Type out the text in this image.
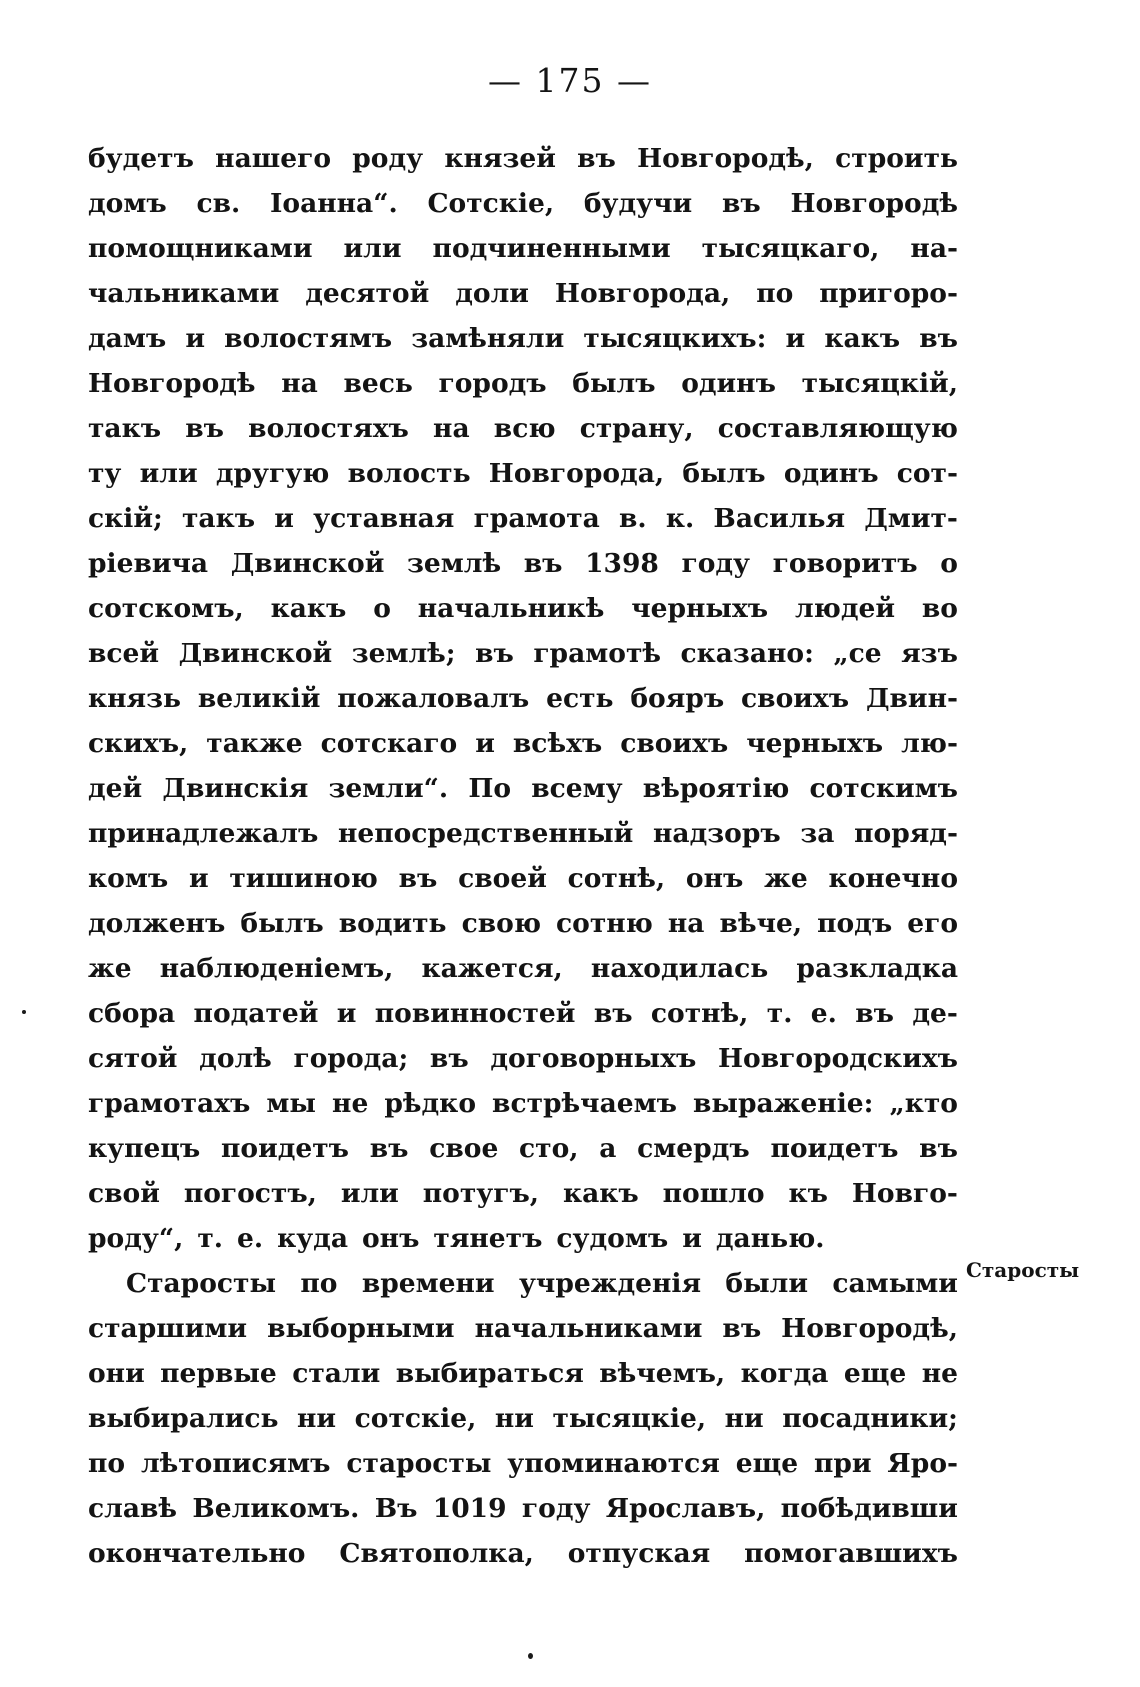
— 175 —
будетъ нашего роду князей въ Новгородѣ, строить
домъ св. Іоанна“. Сотскіе, будучи въ Новгородѣ
помощниками или подчиненными тысяцкаго, на-
чальниками десятой доли Новгорода, по пригоро-
дамъ и волостямъ замѣняли тысяцкихъ: и какъ въ
Новгородѣ на весь городъ былъ одинъ тысяцкій,
такъ въ волостяхъ на всю страну, составляющую
ту или другую волость Новгорода, былъ одинъ сот-
скій; такъ и уставная грамота в. к. Василья Дмит-
ріевича Двинской землѣ въ 1398 году говоритъ о
сотскомъ, какъ о начальникѣ черныхъ людей во
всей Двинской землѣ; въ грамотѣ сказано: „се язъ
князь великій пожаловалъ есть бояръ своихъ Двин-
скихъ, также сотскаго и всѣхъ своихъ черныхъ лю-
дей Двинскія земли“. По всему вѣроятію сотскимъ
принадлежалъ непосредственный надзоръ за поряд-
комъ и тишиною въ своей сотнѣ, онъ же конечно
долженъ былъ водить свою сотню на вѣче, подъ его
же наблюденіемъ, кажется, находилась разкладка
сбора податей и повинностей въ сотнѣ, т. е. въ де-
сятой долѣ города; въ договорныхъ Новгородскихъ
грамотахъ мы не рѣдко встрѣчаемъ выраженіе: „кто
купецъ поидетъ въ свое сто, а смердъ поидетъ въ
свой погостъ, или потугъ, какъ пошло къ Новго-
роду“, т. е. куда онъ тянетъ судомъ и данью.
Старосты по времени учрежденія были самыми
старшими выборными начальниками въ Новгородѣ,
они первые стали выбираться вѣчемъ, когда еще не
выбирались ни сотскіе, ни тысяцкіе, ни посадники;
по лѣтописямъ старосты упоминаются еще при Яро-
славѣ Великомъ. Въ 1019 году Ярославъ, побѣдивши
окончательно Святополка, отпуская помогавшихъ
Старосты
